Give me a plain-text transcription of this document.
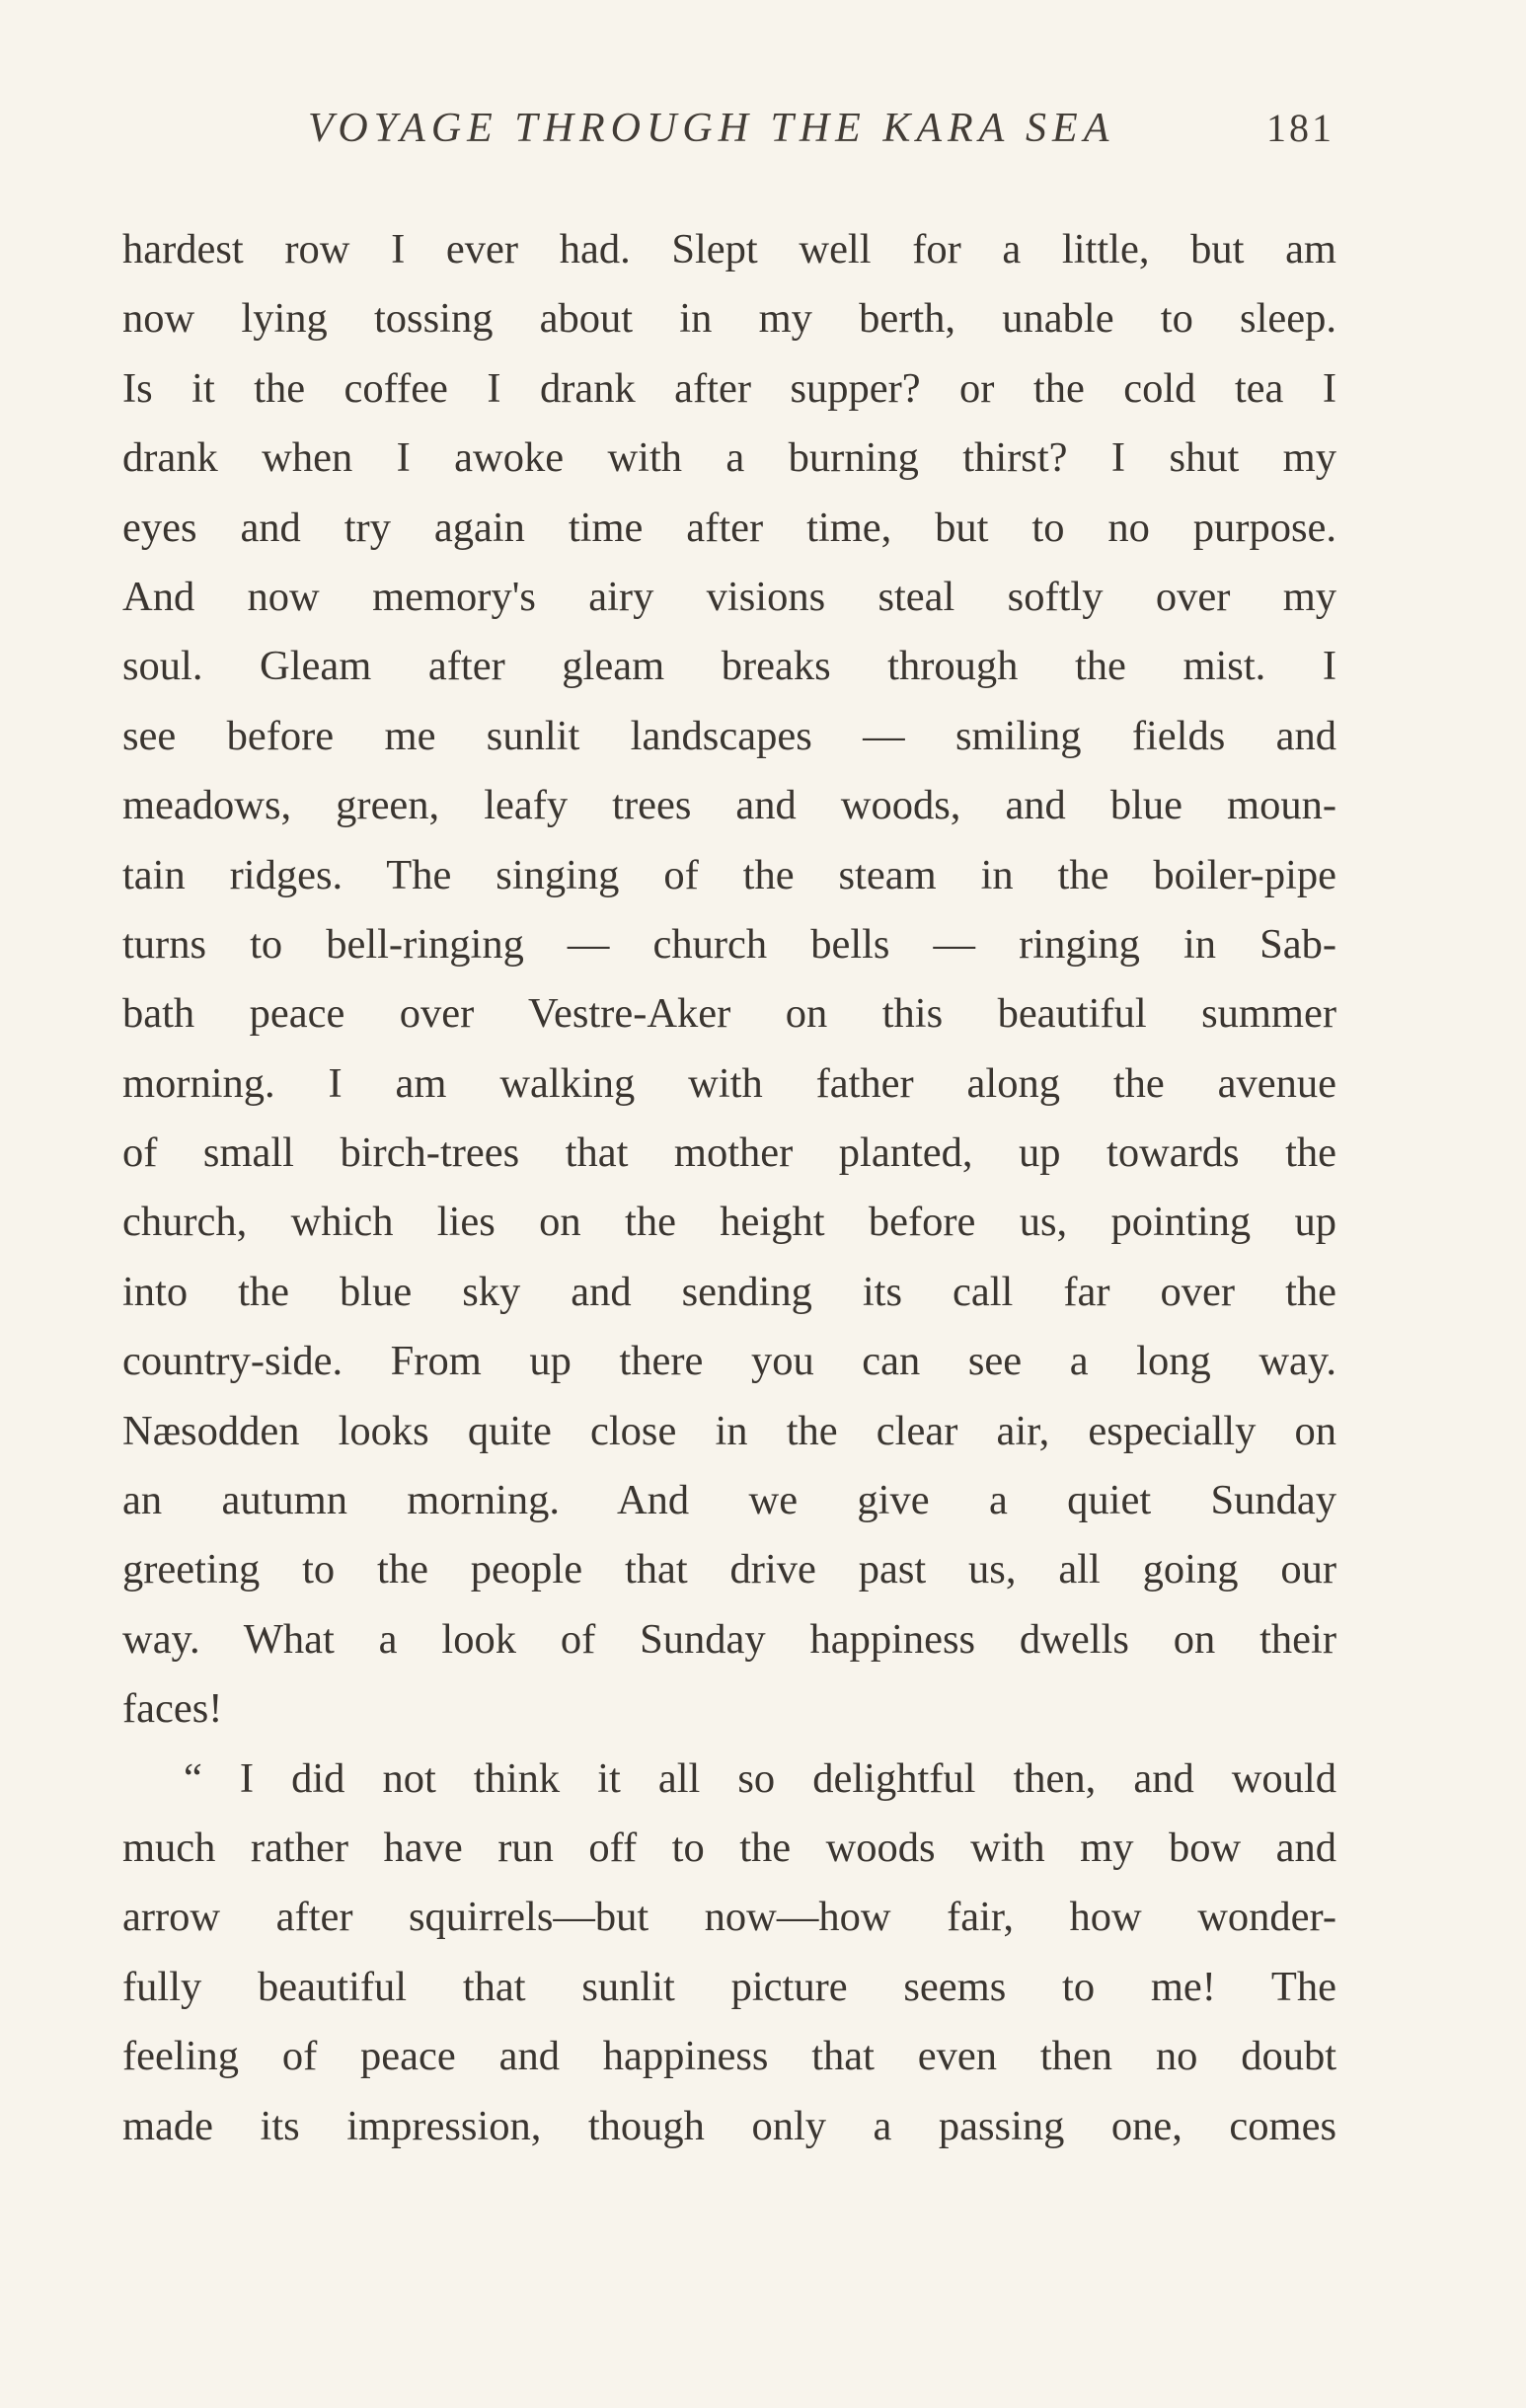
VOYAGE THROUGH THE KARA SEA	181
hardest row I ever had. Slept well for a little, but am
now lying tossing about in my berth, unable to sleep.
Is it the coffee I drank after supper? or the cold tea I
drank when I awoke with a burning thirst? I shut my
eyes and try again time after time, but to no purpose.
And now memory's airy visions steal softly over my
soul. Gleam after gleam breaks through the mist. I
see before me sunlit landscapes — smiling fields and
meadows, green, leafy trees and woods, and blue moun-
tain ridges. The singing of the steam in the boiler-pipe
turns to bell-ringing — church bells — ringing in Sab-
bath peace over Vestre-Aker on this beautiful summer
morning. I am walking with father along the avenue
of small birch-trees that mother planted, up towards the
church, which lies on the height before us, pointing up
into the blue sky and sending its call far over the
country-side. From up there you can see a long way.
Næsodden looks quite close in the clear air, especially on
an autumn morning. And we give a quiet Sunday
greeting to the people that drive past us, all going our
way. What a look of Sunday happiness dwells on their
faces!
“ I did not think it all so delightful then, and would
much rather have run off to the woods with my bow and
arrow after squirrels—but now—how fair, how wonder-
fully beautiful that sunlit picture seems to me! The
feeling of peace and happiness that even then no doubt
made its impression, though only a passing one, comes
